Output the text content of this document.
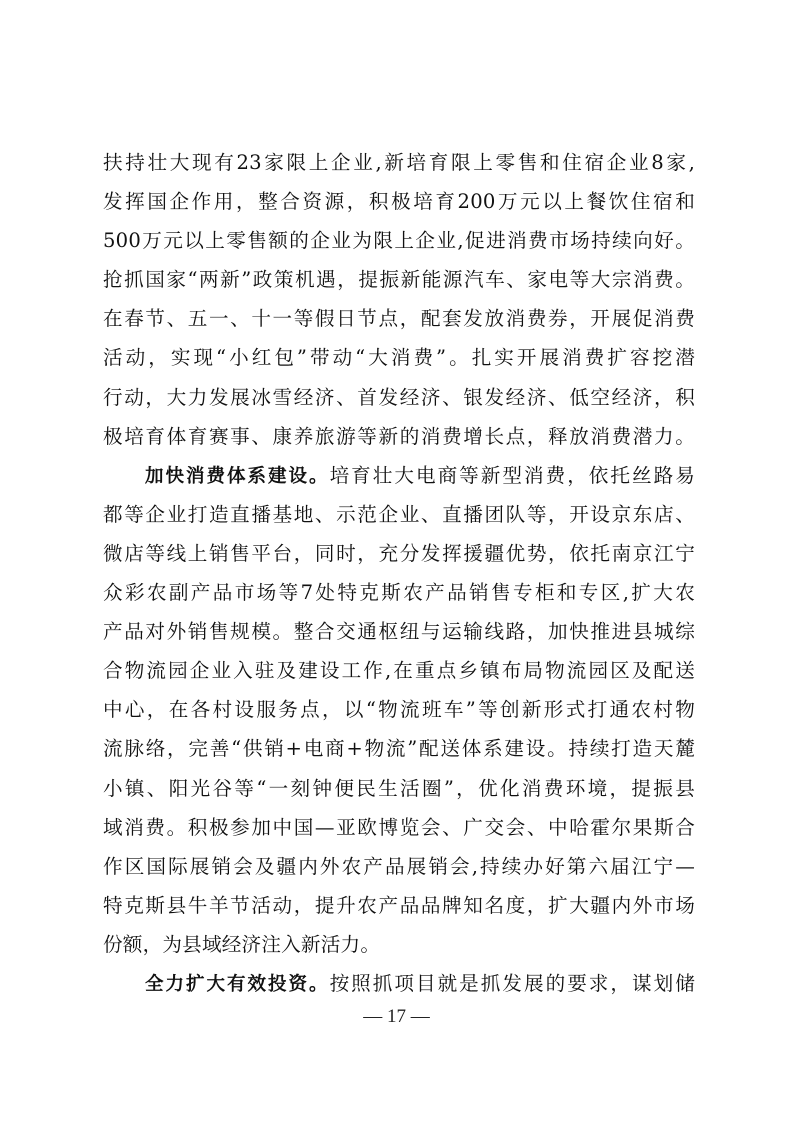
扶持壮大现有23家限上企业,新培育限上零售和住宿企业8家,
发挥国企作用，整合资源，积极培育200万元以上餐饮住宿和
500万元以上零售额的企业为限上企业,促进消费市场持续向好。
抢抓国家“两新”政策机遇，提振新能源汽车、家电等大宗消费。
在春节、五一、十一等假日节点，配套发放消费券，开展促消费
活动，实现“小红包”带动“大消费”。扎实开展消费扩容挖潜
行动，大力发展冰雪经济、首发经济、银发经济、低空经济，积
极培育体育赛事、康养旅游等新的消费增长点，释放消费潜力。
加快消费体系建设。培育壮大电商等新型消费，依托丝路易
都等企业打造直播基地、示范企业、直播团队等，开设京东店、
微店等线上销售平台，同时，充分发挥援疆优势，依托南京江宁
众彩农副产品市场等7处特克斯农产品销售专柜和专区,扩大农
产品对外销售规模。整合交通枢纽与运输线路，加快推进县城综
合物流园企业入驻及建设工作,在重点乡镇布局物流园区及配送
中心，在各村设服务点，以“物流班车”等创新形式打通农村物
流脉络，完善“供销+电商+物流”配送体系建设。持续打造天麓
小镇、阳光谷等“一刻钟便民生活圈”，优化消费环境，提振县
域消费。积极参加中国—亚欧博览会、广交会、中哈霍尔果斯合
作区国际展销会及疆内外农产品展销会,持续办好第六届江宁—
特克斯县牛羊节活动，提升农产品品牌知名度，扩大疆内外市场
份额，为县域经济注入新活力。
全力扩大有效投资。按照抓项目就是抓发展的要求，谋划储
— 17 —
